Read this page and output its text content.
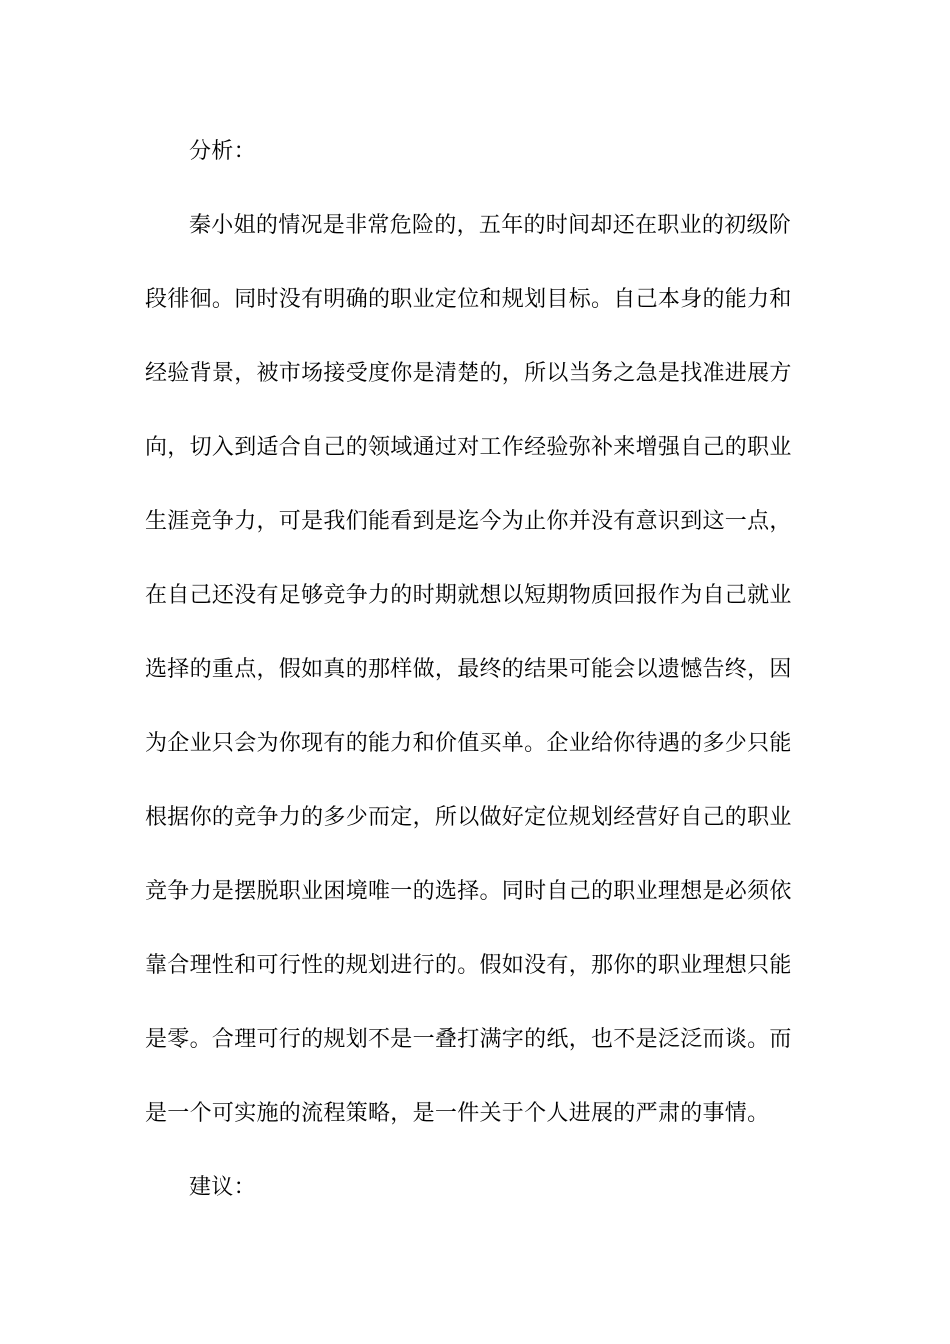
分析：
秦小姐的情况是非常危险的，五年的时间却还在职业的初级阶
段徘徊。同时没有明确的职业定位和规划目标。自己本身的能力和
经验背景，被市场接受度你是清楚的，所以当务之急是找准进展方
向，切入到适合自己的领域通过对工作经验弥补来增强自己的职业
生涯竞争力，可是我们能看到是迄今为止你并没有意识到这一点，
在自己还没有足够竞争力的时期就想以短期物质回报作为自己就业
选择的重点，假如真的那样做，最终的结果可能会以遗憾告终，因
为企业只会为你现有的能力和价值买单。企业给你待遇的多少只能
根据你的竞争力的多少而定，所以做好定位规划经营好自己的职业
竞争力是摆脱职业困境唯一的选择。同时自己的职业理想是必须依
靠合理性和可行性的规划进行的。假如没有，那你的职业理想只能
是零。合理可行的规划不是一叠打满字的纸，也不是泛泛而谈。而
是一个可实施的流程策略，是一件关于个人进展的严肃的事情。
建议：
